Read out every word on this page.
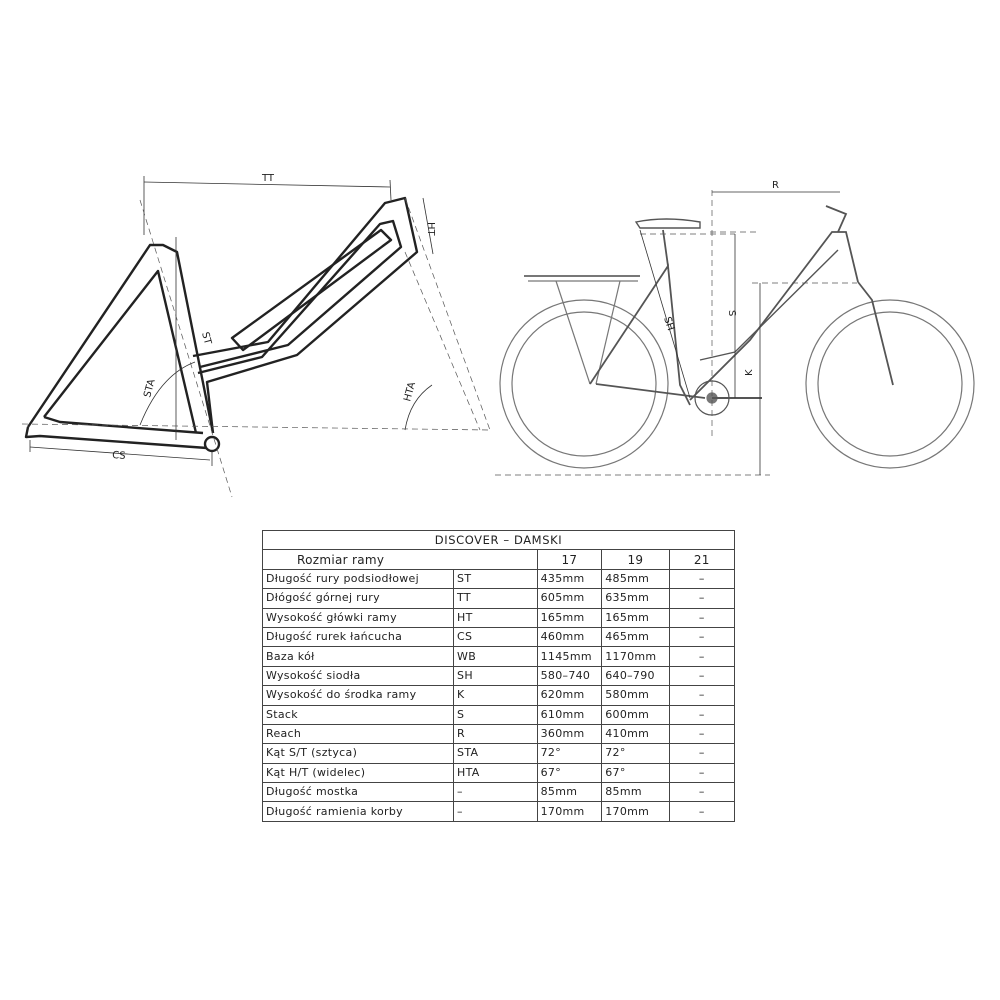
TT
HT
ST
STA	HTA
CS
R
S
SH
K
DISCOVER – DAMSKI				
Rozmiar ramy		17	19	21
Długość rury podsiodłowej	ST	435mm	485mm	–
Dłógość górnej rury	TT	605mm	635mm	–
Wysokość główki ramy	HT	165mm	165mm	–
Długość rurek łańcucha	CS	460mm	465mm	–
Baza kół	WB	1145mm	1170mm	–
Wysokość siodła	SH	580–740	640–790	–
Wysokość do środka ramy	K	620mm	580mm	–
Stack	S	610mm	600mm	–
Reach	R	360mm	410mm	–
Kąt S/T (sztyca)	STA	72°	72°	–
Kąt H/T (widelec)	HTA	67°	67°	–
Długość mostka	–	85mm	85mm	–
Długość ramienia korby	–	170mm	170mm	–
